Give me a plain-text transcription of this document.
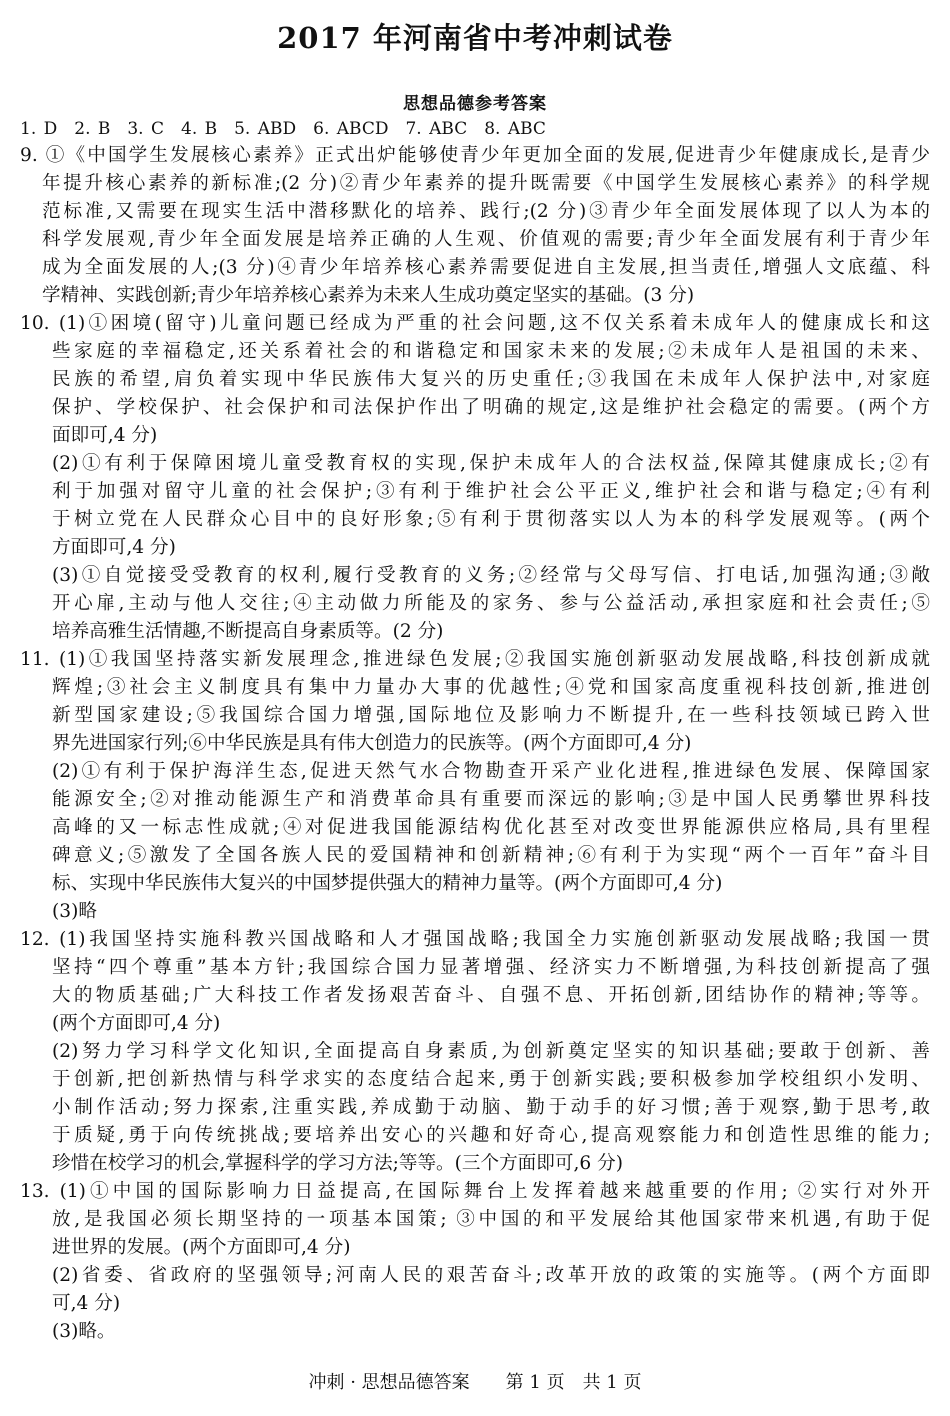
2017 年河南省中考冲刺试卷
思想品德参考答案
1. D　2. B　3. C　4. B　5. ABD　6. ABCD　7. ABC　8. ABC
9. ①《中国学生发展核心素养》正式出炉能够使青少年更加全面的发展,促进青少年健康成长,是青少
年提升核心素养的新标准;(2 分)②青少年素养的提升既需要《中国学生发展核心素养》的科学规
范标准,又需要在现实生活中潜移默化的培养、践行;(2 分)③青少年全面发展体现了以人为本的
科学发展观,青少年全面发展是培养正确的人生观、价值观的需要;青少年全面发展有利于青少年
成为全面发展的人;(3 分)④青少年培养核心素养需要促进自主发展,担当责任,增强人文底蕴、科
学精神、实践创新;青少年培养核心素养为未来人生成功奠定坚实的基础。(3 分)
10. (1)①困境(留守)儿童问题已经成为严重的社会问题,这不仅关系着未成年人的健康成长和这
些家庭的幸福稳定,还关系着社会的和谐稳定和国家未来的发展;②未成年人是祖国的未来、
民族的希望,肩负着实现中华民族伟大复兴的历史重任;③我国在未成年人保护法中,对家庭
保护、学校保护、社会保护和司法保护作出了明确的规定,这是维护社会稳定的需要。(两个方
面即可,4 分)
(2)①有利于保障困境儿童受教育权的实现,保护未成年人的合法权益,保障其健康成长;②有
利于加强对留守儿童的社会保护;③有利于维护社会公平正义,维护社会和谐与稳定;④有利
于树立党在人民群众心目中的良好形象;⑤有利于贯彻落实以人为本的科学发展观等。(两个
方面即可,4 分)
(3)①自觉接受受教育的权利,履行受教育的义务;②经常与父母写信、打电话,加强沟通;③敞
开心扉,主动与他人交往;④主动做力所能及的家务、参与公益活动,承担家庭和社会责任;⑤
培养高雅生活情趣,不断提高自身素质等。(2 分)
11. (1)①我国坚持落实新发展理念,推进绿色发展;②我国实施创新驱动发展战略,科技创新成就
辉煌;③社会主义制度具有集中力量办大事的优越性;④党和国家高度重视科技创新,推进创
新型国家建设;⑤我国综合国力增强,国际地位及影响力不断提升,在一些科技领域已跨入世
界先进国家行列;⑥中华民族是具有伟大创造力的民族等。(两个方面即可,4 分)
(2)①有利于保护海洋生态,促进天然气水合物勘查开采产业化进程,推进绿色发展、保障国家
能源安全;②对推动能源生产和消费革命具有重要而深远的影响;③是中国人民勇攀世界科技
高峰的又一标志性成就;④对促进我国能源结构优化甚至对改变世界能源供应格局,具有里程
碑意义;⑤激发了全国各族人民的爱国精神和创新精神;⑥有利于为实现“两个一百年”奋斗目
标、实现中华民族伟大复兴的中国梦提供强大的精神力量等。(两个方面即可,4 分)
(3)略
12. (1)我国坚持实施科教兴国战略和人才强国战略;我国全力实施创新驱动发展战略;我国一贯
坚持“四个尊重”基本方针;我国综合国力显著增强、经济实力不断增强,为科技创新提高了强
大的物质基础;广大科技工作者发扬艰苦奋斗、自强不息、开拓创新,团结协作的精神;等等。
(两个方面即可,4 分)
(2)努力学习科学文化知识,全面提高自身素质,为创新奠定坚实的知识基础;要敢于创新、善
于创新,把创新热情与科学求实的态度结合起来,勇于创新实践;要积极参加学校组织小发明、
小制作活动;努力探索,注重实践,养成勤于动脑、勤于动手的好习惯;善于观察,勤于思考,敢
于质疑,勇于向传统挑战;要培养出安心的兴趣和好奇心,提高观察能力和创造性思维的能力;
珍惜在校学习的机会,掌握科学的学习方法;等等。(三个方面即可,6 分)
13. (1)①中国的国际影响力日益提高,在国际舞台上发挥着越来越重要的作用; ②实行对外开
放,是我国必须长期坚持的一项基本国策; ③中国的和平发展给其他国家带来机遇,有助于促
进世界的发展。(两个方面即可,4 分)
(2)省委、省政府的坚强领导;河南人民的艰苦奋斗;改革开放的政策的实施等。(两个方面即
可,4 分)
(3)略。
冲刺 · 思想品德答案　　第 1 页　共 1 页
